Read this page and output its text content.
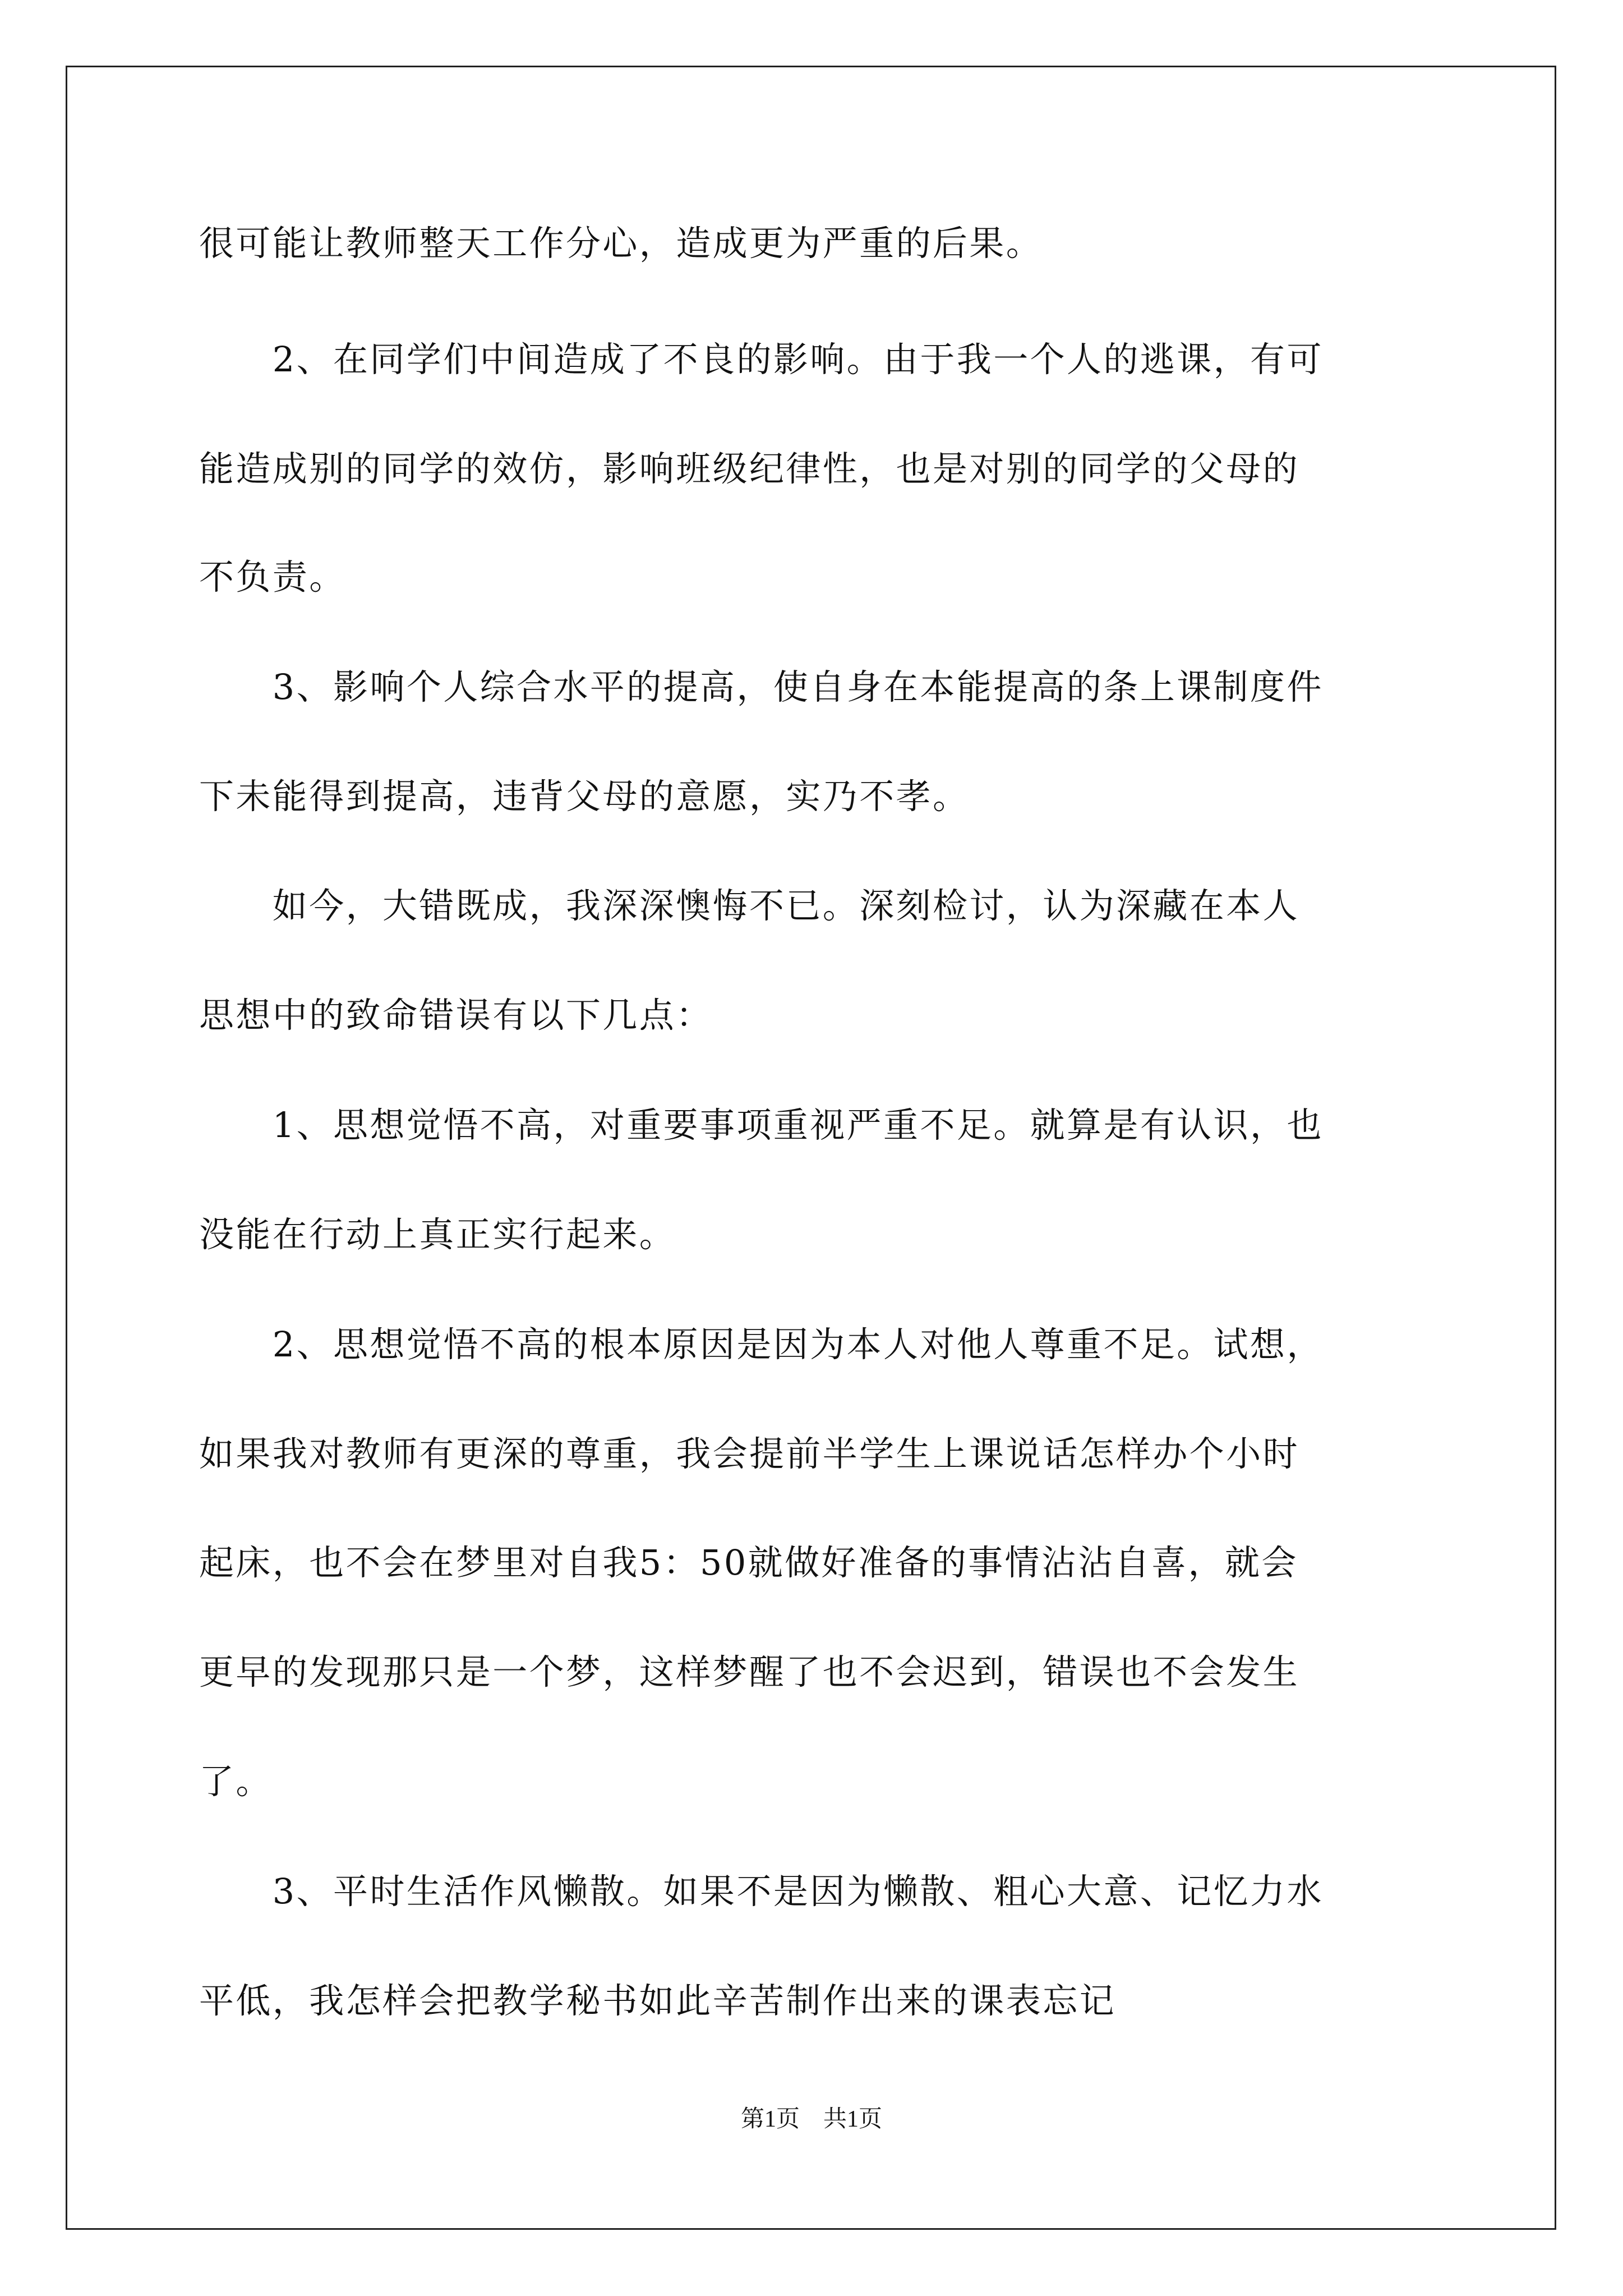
很可能让教师整天工作分心，造成更为严重的后果。
　　2、在同学们中间造成了不良的影响。由于我一个人的逃课，有可
能造成别的同学的效仿，影响班级纪律性，也是对别的同学的父母的
不负责。
　　3、影响个人综合水平的提高，使自身在本能提高的条上课制度件
下未能得到提高，违背父母的意愿，实乃不孝。
　　如今，大错既成，我深深懊悔不已。深刻检讨，认为深藏在本人
思想中的致命错误有以下几点：
　　1、思想觉悟不高，对重要事项重视严重不足。就算是有认识，也
没能在行动上真正实行起来。
　　2、思想觉悟不高的根本原因是因为本人对他人尊重不足。试想，
如果我对教师有更深的尊重，我会提前半学生上课说话怎样办个小时
起床，也不会在梦里对自我5：50就做好准备的事情沾沾自喜，就会
更早的发现那只是一个梦，这样梦醒了也不会迟到，错误也不会发生
了。
　　3、平时生活作风懒散。如果不是因为懒散、粗心大意、记忆力水
平低，我怎样会把教学秘书如此辛苦制作出来的课表忘记
第1页　共1页
